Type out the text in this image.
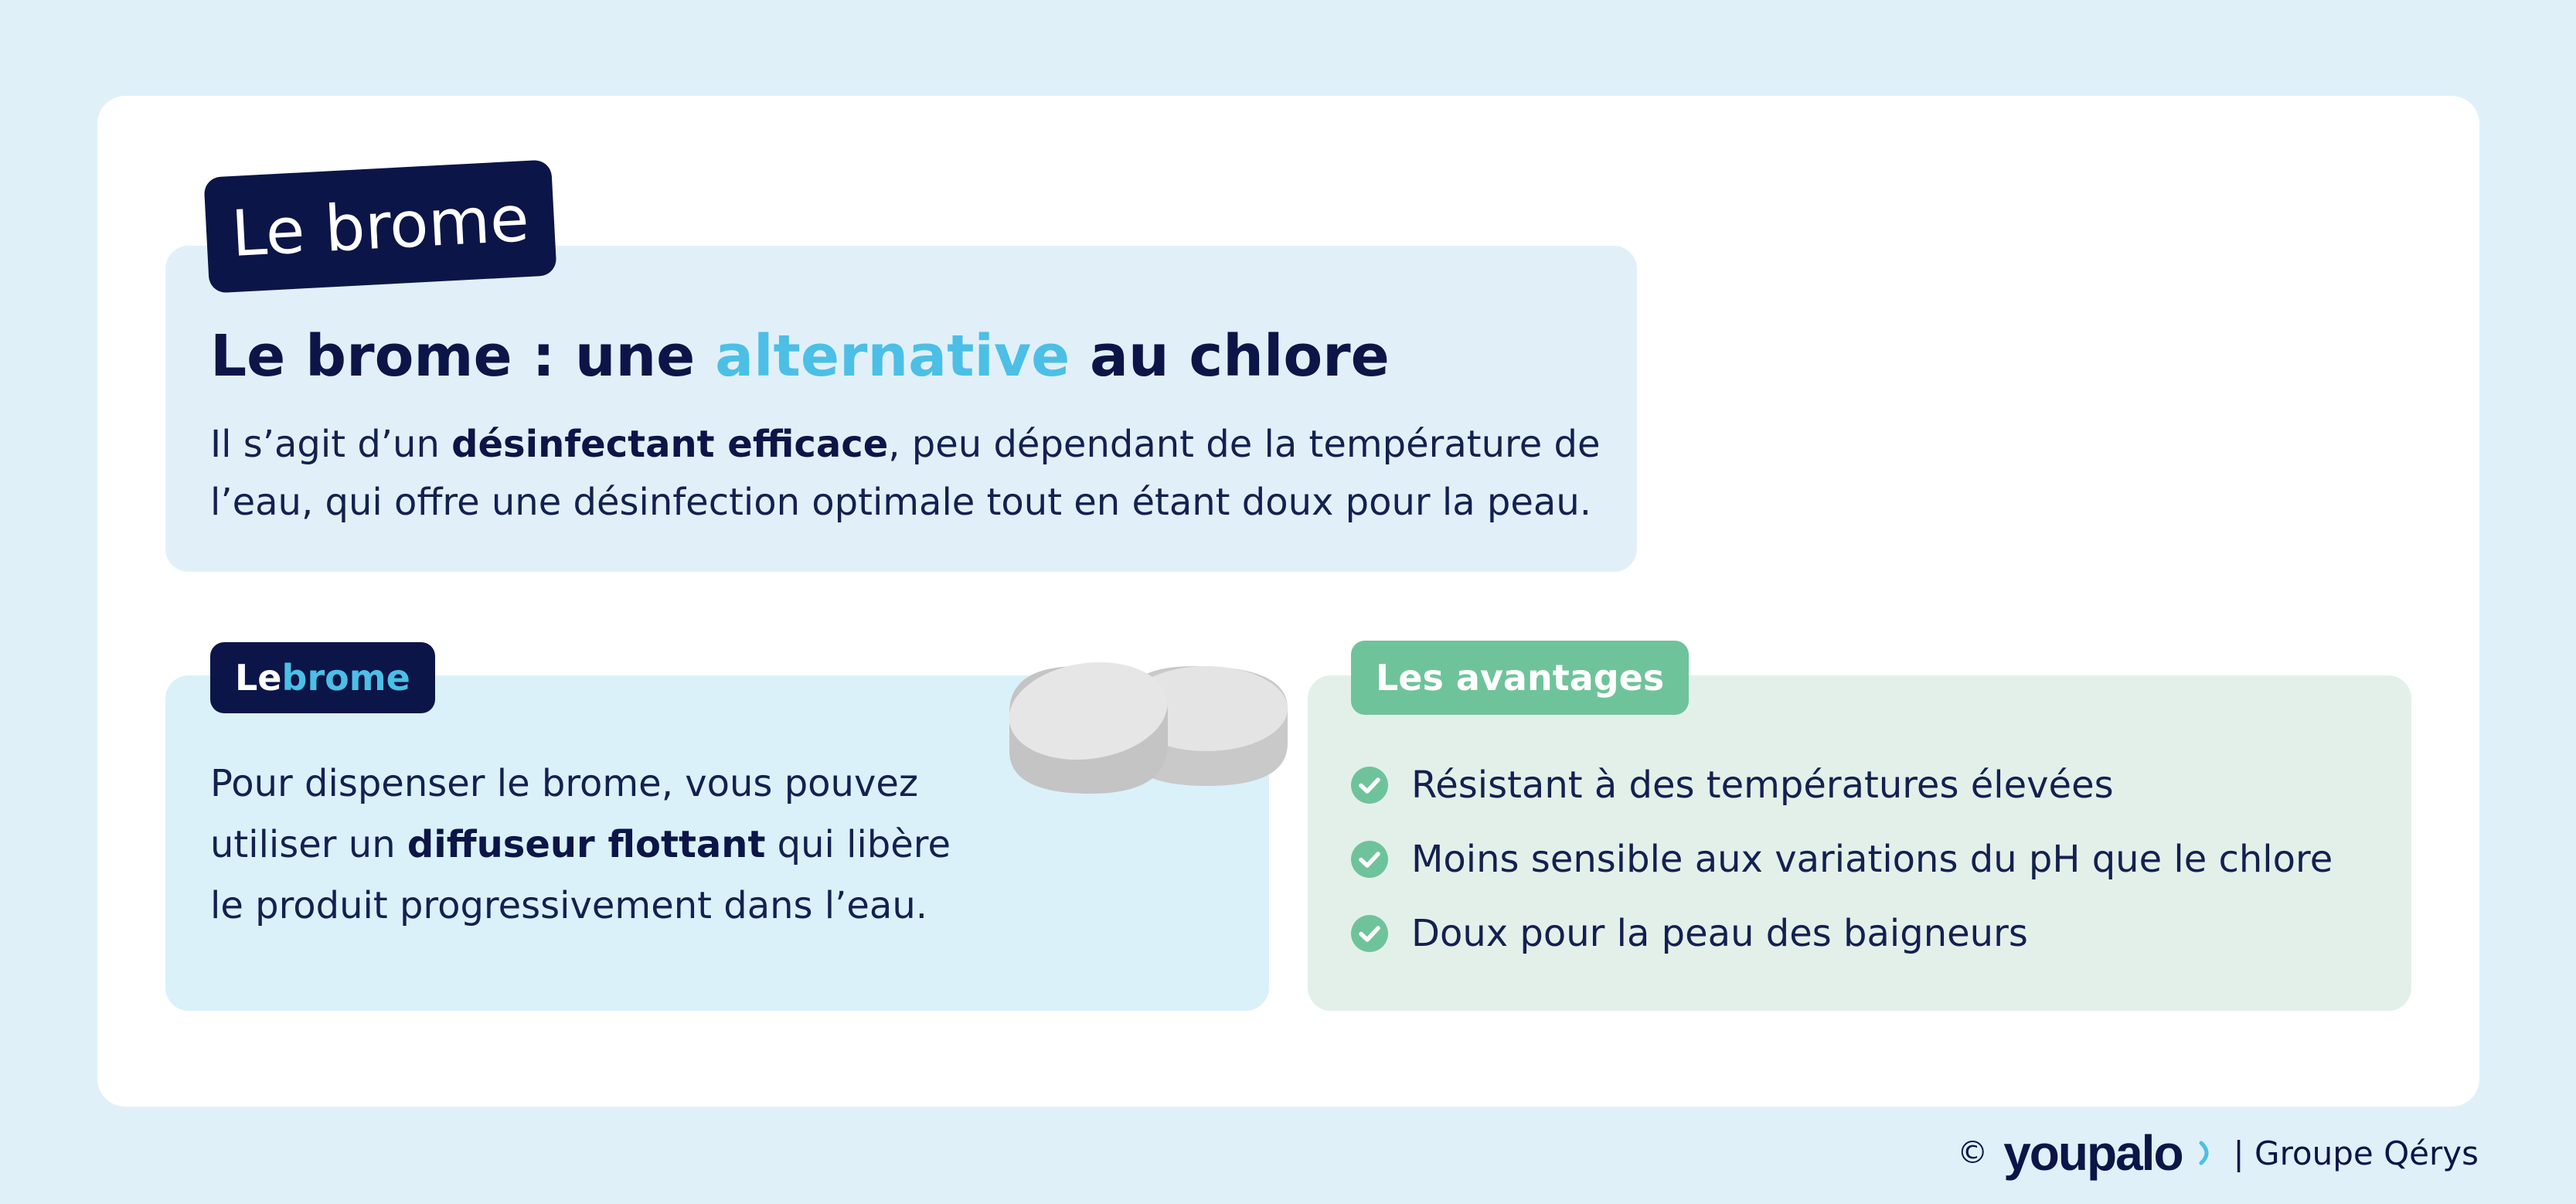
Le brome
Le brome : une alternative au chlore
Il s’agit d’un désinfectant efficace, peu dépendant de la température de l’eau, qui offre une désinfection optimale tout en étant doux pour la peau.
Le brome
Pour dispenser le brome, vous pouvez utiliser un diffuseur flottant qui libère le produit progressivement dans l’eau.
Les avantages
Résistant à des températures élevées
Moins sensible aux variations du pH que le chlore
Doux pour la peau des baigneurs
© youpalo | Groupe Qérys
